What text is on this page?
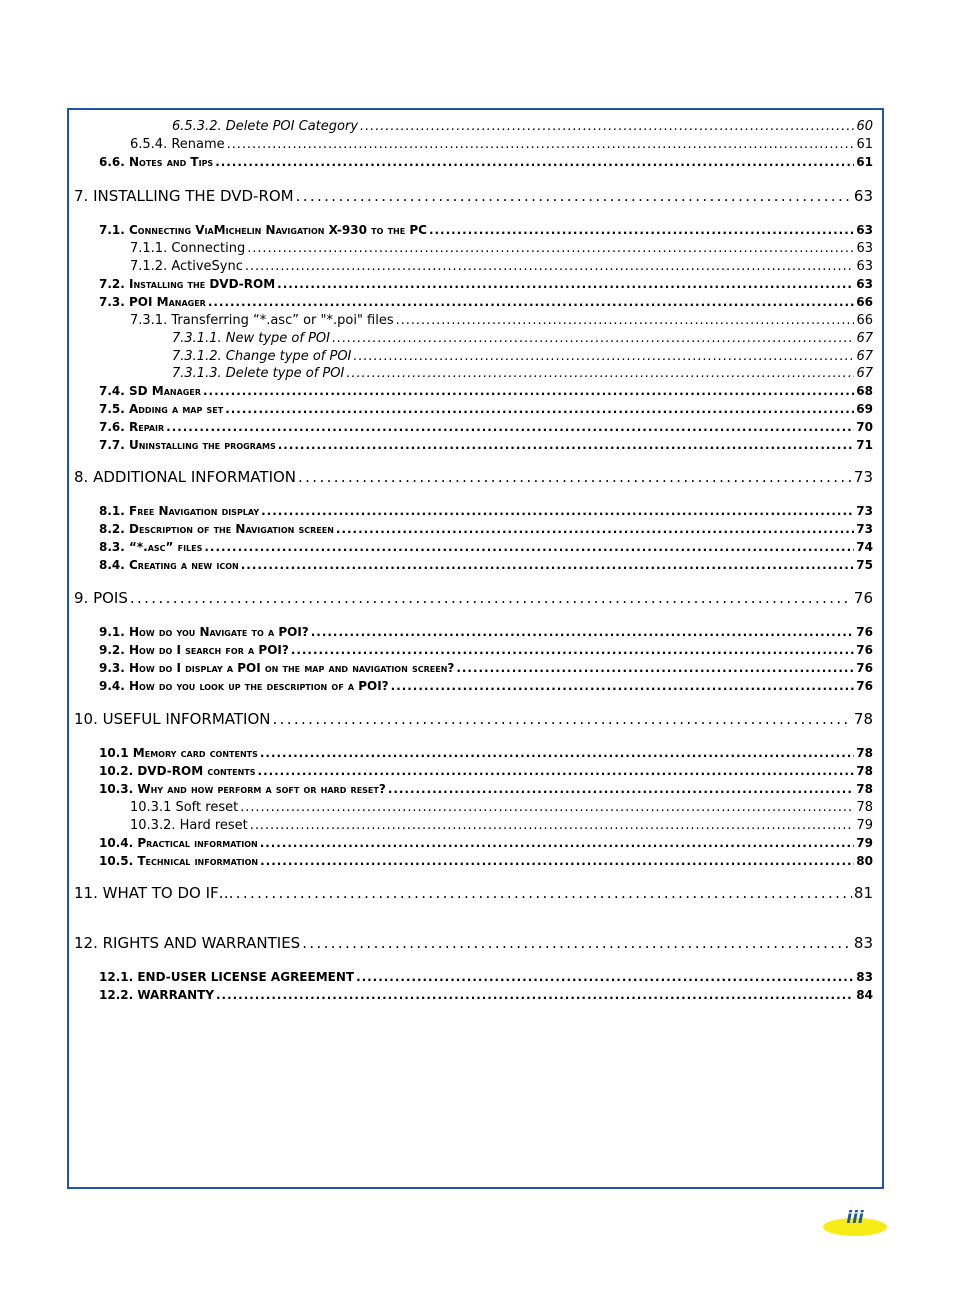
6.5.3.2. Delete POI Category . . .	60
6.5.4. Rename . . .	61
6.6. Notes and Tips . . .	61
7. INSTALLING THE DVD-ROM . . .	63
7.1. Connecting ViaMichelin Navigation X-930 to the PC . . .	63
7.1.1. Connecting . . .	63
7.1.2. ActiveSync . . .	63
7.2. Installing the DVD-ROM . . .	63
7.3. POI Manager . . .	66
7.3.1. Transferring “*.asc” or "*.poi" files . . .	66
7.3.1.1. New type of POI . . .	67
7.3.1.2. Change type of POI . . .	67
7.3.1.3. Delete type of POI . . .	67
7.4. SD Manager . . .	68
7.5. Adding a map set . . .	69
7.6. Repair . . .	70
7.7. Uninstalling the programs . . .	71
8. ADDITIONAL INFORMATION . . .	73
8.1. Free Navigation display . . .	73
8.2. Description of the Navigation screen . . .	73
8.3. “*.asc” files . . .	74
8.4. Creating a new icon . . .	75
9. POIS . . .	76
9.1. How do you Navigate to a POI? . . .	76
9.2. How do I search for a POI? . . .	76
9.3. How do I display a POI on the map and navigation screen? . . .	76
9.4. How do you look up the description of a POI? . . .	76
10. USEFUL INFORMATION . . .	78
10.1 Memory card contents . . .	78
10.2. DVD-ROM contents . . .	78
10.3. Why and how perform a soft or hard reset? . . .	78
10.3.1 Soft reset . . .	78
10.3.2. Hard reset . . .	79
10.4. Practical information . . .	79
10.5. Technical information . . .	80
11. WHAT TO DO IF… . . .	81
12. RIGHTS AND WARRANTIES . . .	83
12.1. END-USER LICENSE AGREEMENT . . .	83
12.2. WARRANTY . . .	84
iii
